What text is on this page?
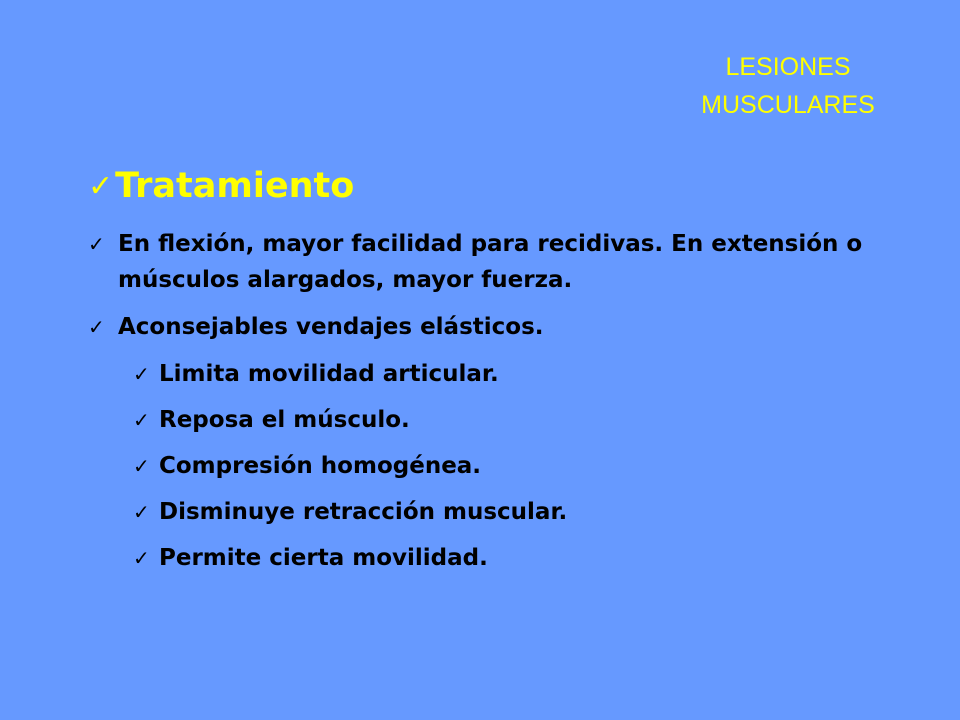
LESIONES
MUSCULARES
✓ Tratamiento
✓ En flexión, mayor facilidad para recidivas. En extensión o músculos alargados, mayor fuerza.
✓ Aconsejables vendajes elásticos.
✓ Limita movilidad articular.
✓ Reposa el músculo.
✓ Compresión homogénea.
✓ Disminuye retracción muscular.
✓ Permite cierta movilidad.
